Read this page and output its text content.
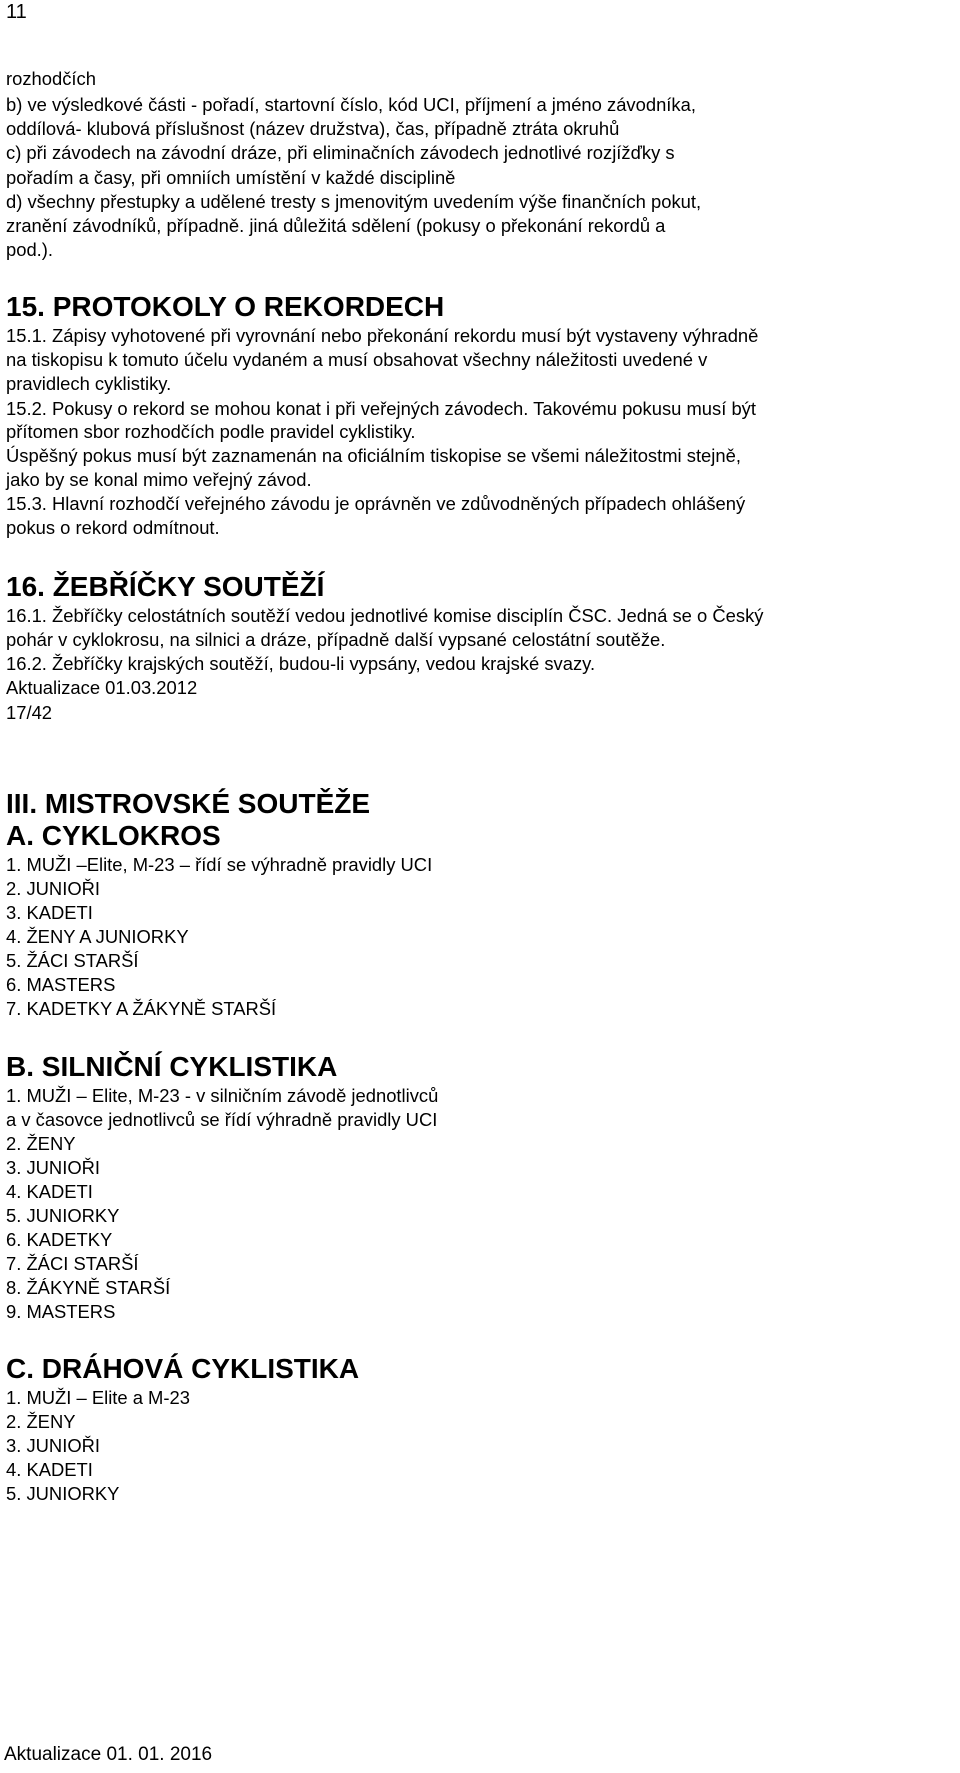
11
rozhodčích
b) ve výsledkové části - pořadí, startovní číslo, kód UCI, příjmení a jméno závodníka,
oddílová- klubová příslušnost (název družstva), čas, případně ztráta okruhů
c) při závodech na závodní dráze, při eliminačních závodech jednotlivé rozjížďky s
pořadím a časy, při omniích umístění v každé disciplině
d) všechny přestupky a udělené tresty s jmenovitým uvedením výše finančních pokut,
zranění závodníků, případně. jiná důležitá sdělení (pokusy o překonání rekordů a
pod.).
15. PROTOKOLY O REKORDECH
15.1. Zápisy vyhotovené při vyrovnání nebo překonání rekordu musí být vystaveny výhradně
na tiskopisu k tomuto účelu vydaném a musí obsahovat všechny náležitosti uvedené v
pravidlech cyklistiky.
15.2. Pokusy o rekord se mohou konat i při veřejných závodech. Takovému pokusu musí být
přítomen sbor rozhodčích podle pravidel cyklistiky.
Úspěšný pokus musí být zaznamenán na oficiálním tiskopise se všemi náležitostmi stejně,
jako by se konal mimo veřejný závod.
15.3. Hlavní rozhodčí veřejného závodu je oprávněn ve zdůvodněných případech ohlášený
pokus o rekord odmítnout.
16. ŽEBŘÍČKY SOUTĚŽÍ
16.1. Žebříčky celostátních soutěží vedou jednotlivé komise disciplín ČSC. Jedná se o Český
pohár v cyklokrosu, na silnici a dráze, případně další vypsané celostátní soutěže.
16.2. Žebříčky krajských soutěží, budou-li vypsány, vedou krajské svazy.
Aktualizace 01.03.2012
17/42
III. MISTROVSKÉ SOUTĚŽE
A. CYKLOKROS
1. MUŽI –Elite, M-23 – řídí se výhradně pravidly UCI
2. JUNIOŘI
3. KADETI
4. ŽENY A JUNIORKY
5. ŽÁCI STARŠÍ
6. MASTERS
7. KADETKY A ŽÁKYNĚ STARŠÍ
B. SILNIČNÍ CYKLISTIKA
1. MUŽI – Elite, M-23 - v silničním závodě jednotlivců
a v časovce jednotlivců se řídí výhradně pravidly UCI
2. ŽENY
3. JUNIOŘI
4. KADETI
5. JUNIORKY
6. KADETKY
7. ŽÁCI STARŠÍ
8. ŽÁKYNĚ STARŠÍ
9. MASTERS
C. DRÁHOVÁ CYKLISTIKA
1. MUŽI – Elite a M-23
2. ŽENY
3. JUNIOŘI
4. KADETI
5. JUNIORKY
Aktualizace 01. 01. 2016
